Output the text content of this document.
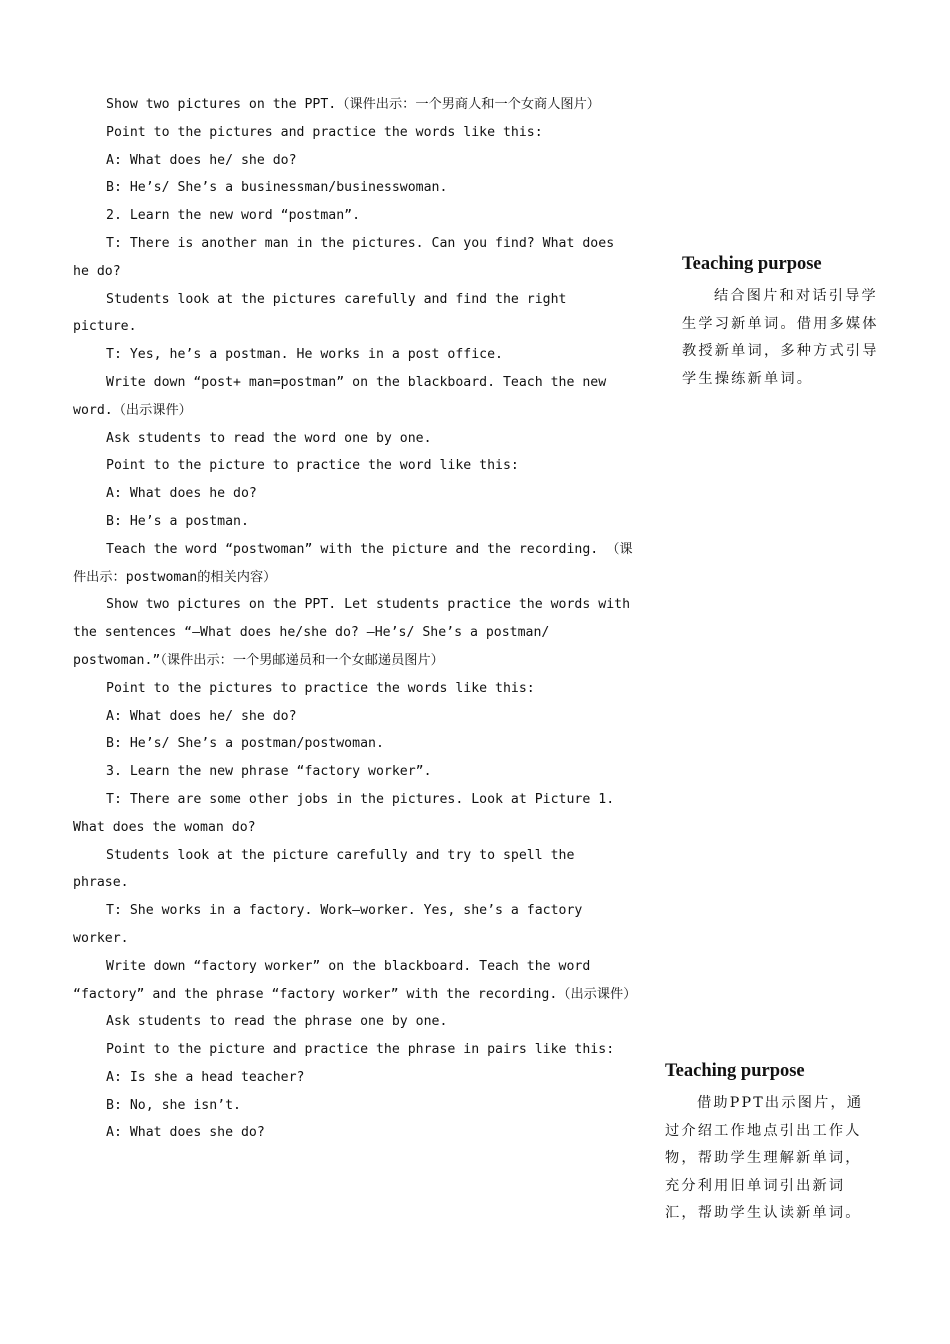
Show two pictures on the PPT.（课件出示：一个男商人和一个女商人图片）

Point to the pictures and practice the words like this:

A: What does he/ she do?

B: He’s/ She’s a businessman/businesswoman.

2. Learn the new word “postman”.

T: There is another man in the pictures. Can you find? What does he do?

Students look at the pictures carefully and find the right picture.

T: Yes, he’s a postman. He works in a post office.

Write down “post+ man=postman” on the blackboard. Teach the new word.（出示课件）

Ask students to read the word one by one.

Point to the picture to practice the word like this:

A: What does he do?

B: He’s a postman.

Teach the word “postwoman” with the picture and the recording. （课件出示：postwoman的相关内容）

Show two pictures on the PPT. Let students practice the words with the sentences “—What does he/she do? —He’s/ She’s a postman/ postwoman.”（课件出示：一个男邮递员和一个女邮递员图片）

Point to the pictures to practice the words like this:

A: What does he/ she do?

B: He’s/ She’s a postman/postwoman.

3. Learn the new phrase “factory worker”.

T: There are some other jobs in the pictures. Look at Picture 1. What does the woman do?

Students look at the picture carefully and try to spell the phrase.

T: She works in a factory. Work—worker. Yes, she’s a factory worker.

Write down “factory worker” on the blackboard. Teach the word “factory” and the phrase “factory worker” with the recording.（出示课件）

Ask students to read the phrase one by one.

Point to the picture and practice the phrase in pairs like this:

A: Is she a head teacher?

B: No, she isn’t.

A: What does she do?

Teaching purpose
结合图片和对话引导学生学习新单词。借用多媒体教授新单词，多种方式引导学生操练新单词。
Teaching purpose
借助PPT出示图片，通过介绍工作地点引出工作人物，帮助学生理解新单词，充分利用旧单词引出新词汇，帮助学生认读新单词。
